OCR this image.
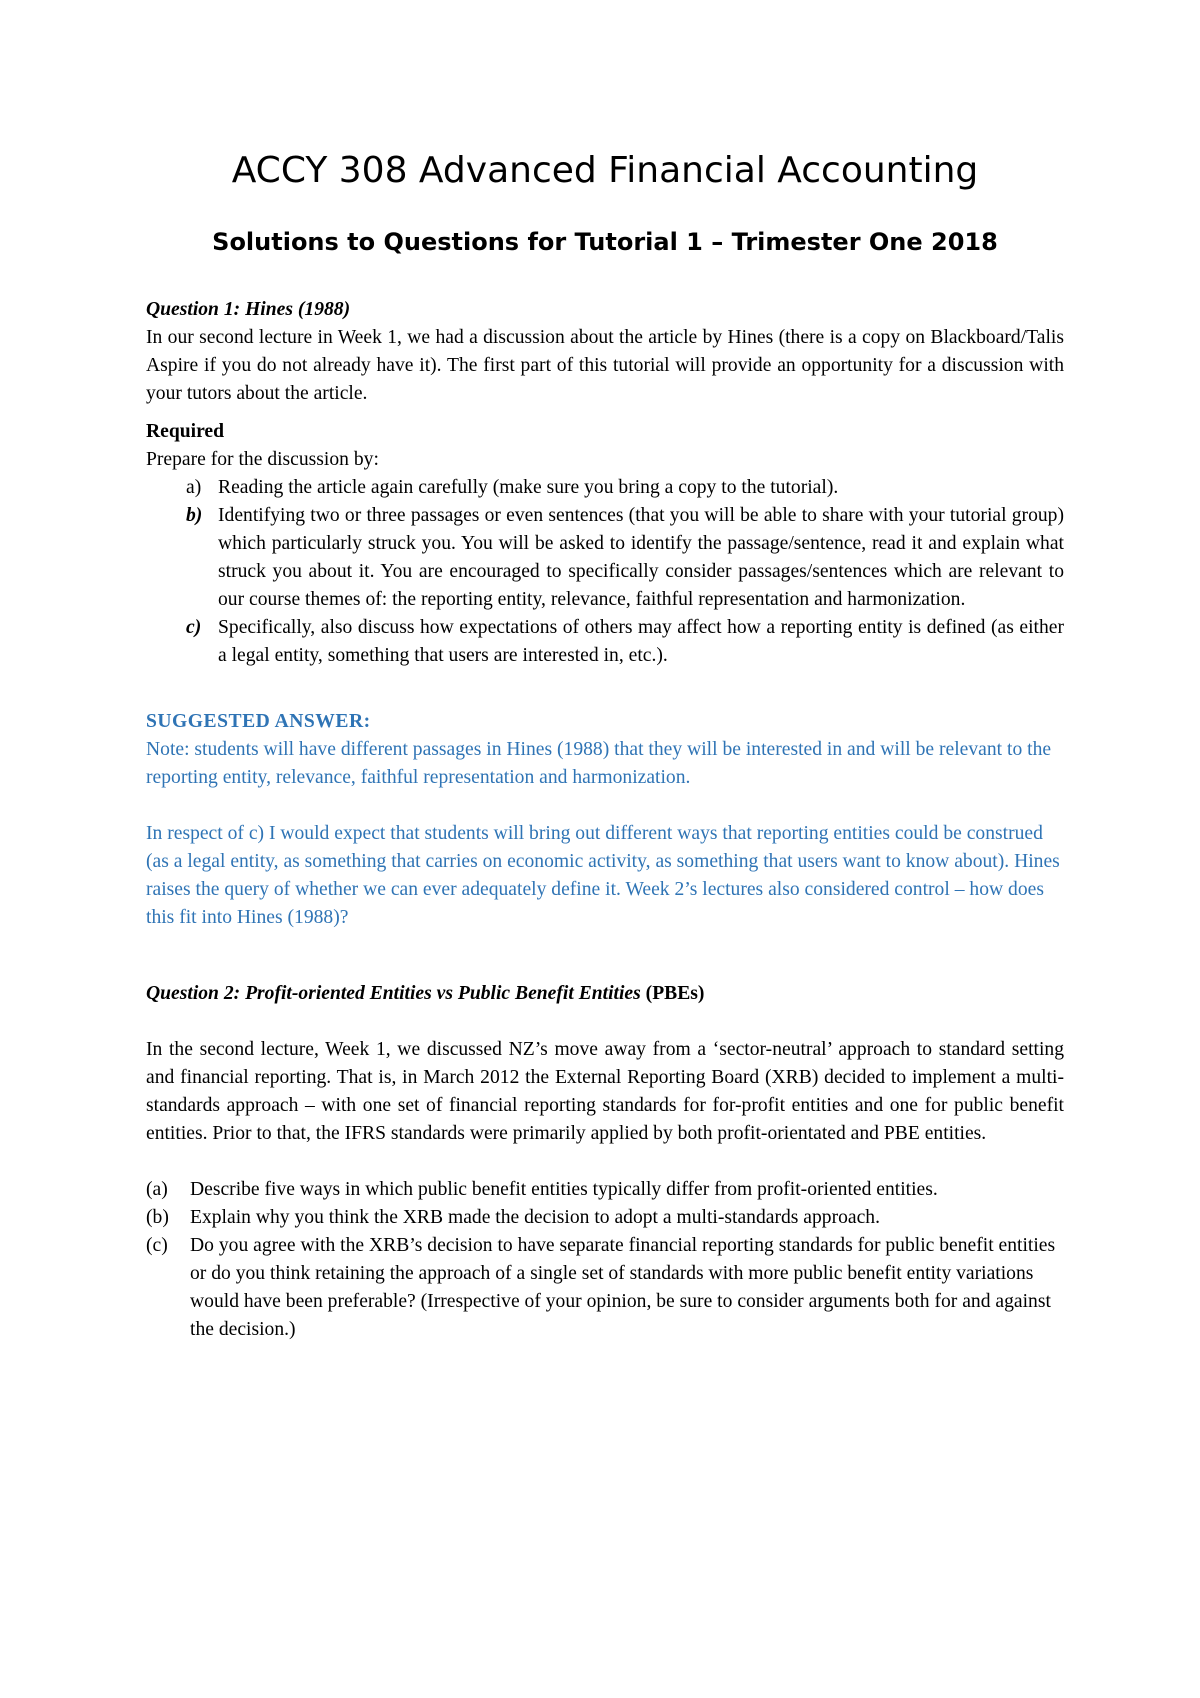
ACCY 308 Advanced Financial Accounting
Solutions to Questions for Tutorial 1 – Trimester One 2018

Question 1: Hines (1988)

In our second lecture in Week 1, we had a discussion about the article by Hines (there is a copy on Blackboard/Talis Aspire if you do not already have it). The first part of this tutorial will provide an opportunity for a discussion with your tutors about the article.

Required

Prepare for the discussion by:

a) Reading the article again carefully (make sure you bring a copy to the tutorial).
b) Identifying two or three passages or even sentences (that you will be able to share with your tutorial group) which particularly struck you. You will be asked to identify the passage/sentence, read it and explain what struck you about it. You are encouraged to specifically consider passages/sentences which are relevant to our course themes of: the reporting entity, relevance, faithful representation and harmonization.
c) Specifically, also discuss how expectations of others may affect how a reporting entity is defined (as either a legal entity, something that users are interested in, etc.).

SUGGESTED ANSWER:

Note: students will have different passages in Hines (1988) that they will be interested in and will be relevant to the reporting entity, relevance, faithful representation and harmonization.

In respect of c) I would expect that students will bring out different ways that reporting entities could be construed (as a legal entity, as something that carries on economic activity, as something that users want to know about). Hines raises the query of whether we can ever adequately define it. Week 2’s lectures also considered control – how does this fit into Hines (1988)?

Question 2: Profit-oriented Entities vs Public Benefit Entities (PBEs)

In the second lecture, Week 1, we discussed NZ’s move away from a ‘sector-neutral’ approach to standard setting and financial reporting. That is, in March 2012 the External Reporting Board (XRB) decided to implement a multi-standards approach – with one set of financial reporting standards for for-profit entities and one for public benefit entities. Prior to that, the IFRS standards were primarily applied by both profit-orientated and PBE entities.

(a) Describe five ways in which public benefit entities typically differ from profit-oriented entities.
(b) Explain why you think the XRB made the decision to adopt a multi-standards approach.
(c) Do you agree with the XRB’s decision to have separate financial reporting standards for public benefit entities or do you think retaining the approach of a single set of standards with more public benefit entity variations would have been preferable? (Irrespective of your opinion, be sure to consider arguments both for and against the decision.)
